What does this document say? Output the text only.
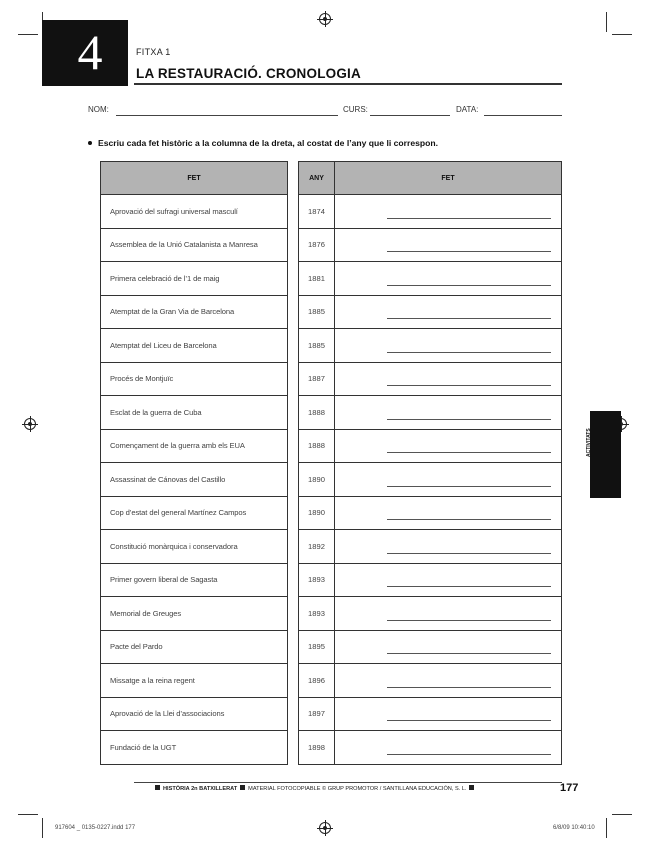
4	FITXA 1
LA RESTAURACIÓ. CRONOLOGIA
NOM:	CURS:	DATA:
Escriu cada fet històric a la columna de la dreta, al costat de l’any que li correspon.
FET
Aprovació del sufragi universal masculí
Assemblea de la Unió Catalanista a Manresa
Primera celebració de l’1 de maig
Atemptat de la Gran Via de Barcelona
Atemptat del Liceu de Barcelona
Procés de Montjuïc
Esclat de la guerra de Cuba
Començament de la guerra amb els EUA
Assassinat de Cánovas del Castillo
Cop d’estat del general Martínez Campos
Constitució monàrquica i conservadora
Primer govern liberal de Sagasta
Memorial de Greuges
Pacte del Pardo
Missatge a la reina regent
Aprovació de la Llei d’associacions
Fundació de la UGT
ANY	FET
1874	

1876	

1881	

1885	

1885	

1887	

1888	

1888	

1890	

1890	

1892	

1893	

1893	

1895	

1896	

1897	

1898	
ACTIVITATS
HISTÒRIA 2n BATXILLERAT MATERIAL FOTOCOPIABLE © GRUP PROMOTOR / SANTILLANA EDUCACIÓN, S. L.	177
917604 _ 0135-0227.indd 177	6/8/09 10:40:10
